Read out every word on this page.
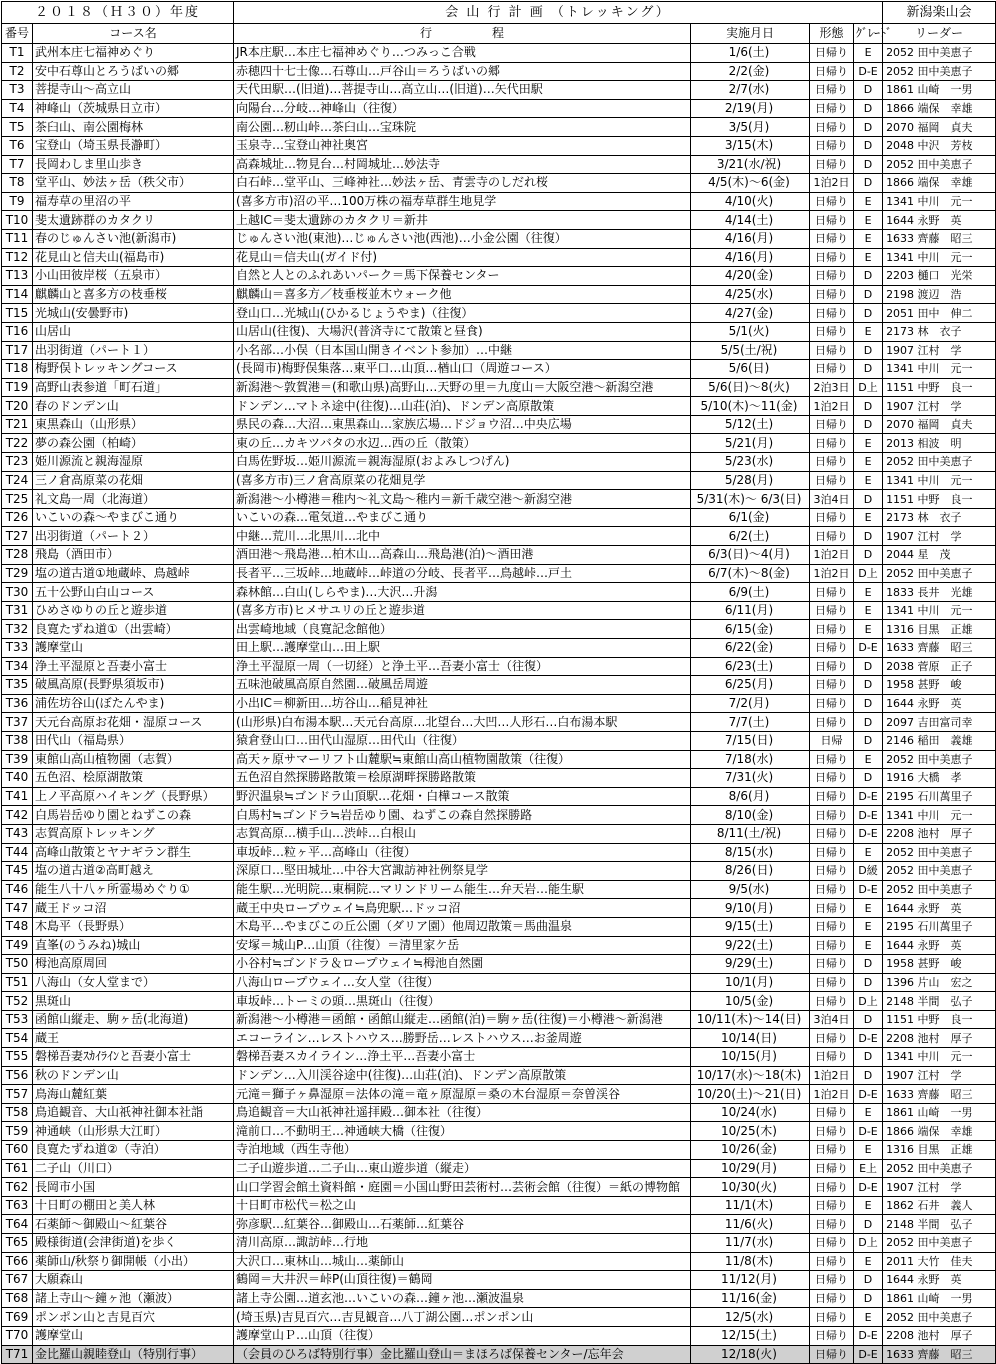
２０１８（Ｈ３０）年度		会 山 行 計 画 （トレッキング）				新潟楽山会
番号	コース名	行　　　　　程	実施月日	形態	ｸﾞﾚｰﾄﾞ	リーダー
T1	武州本庄七福神めぐり	JR本庄駅…本庄七福神めぐり…つみっこ合戦	1/6(土)	日帰り	E	2052 田中美恵子
T2	安中石尊山とろうばいの郷	赤穂四十七士像…石尊山…戸谷山＝ろうばいの郷	2/2(金)	日帰り	D-E	2052 田中美恵子
T3	菩提寺山～高立山	天代田駅…(旧道)…菩提寺山…高立山…(旧道)…矢代田駅	2/7(水)	日帰り	D	1861 山崎　一男
T4	神峰山（茨城県日立市）	向陽台…分岐…神峰山（往復）	2/19(月)	日帰り	D	1866 端保　幸雄
T5	茶臼山、南公園梅林	南公園…籾山峠…茶臼山…宝珠院	3/5(月)	日帰り	D	2070 福岡　貞夫
T6	宝登山（埼玉県長瀞町）	玉泉寺…宝登山神社奥宮	3/15(木)	日帰り	D	2048 中沢　芳枝
T7	長岡わしま里山歩き	高森城址…物見台…村岡城址…妙法寺	3/21(水/祝)	日帰り	D	2052 田中美恵子
T8	堂平山、妙法ヶ岳（秩父市）	白石峠…堂平山、三峰神社…妙法ヶ岳、青雲寺のしだれ桜	4/5(木)～6(金)	1泊2日	D	1866 端保　幸雄
T9	福寿草の里沼の平	(喜多方市)沼の平…100万株の福寿草群生地見学	4/10(火)	日帰り	E	1341 中川　元一
T10	斐太遺跡群のカタクリ	上越IC＝斐太遺跡のカタクリ＝新井	4/14(土)	日帰り	E	1644 永野　英
T11	春のじゅんさい池(新潟市)	じゅんさい池(東池)…じゅんさい池(西池)…小金公園（往復）	4/16(月)	日帰り	E	1633 齊藤　昭三
T12	花見山と信夫山(福島市)	花見山＝信夫山(ガイド付)	4/16(月)	日帰り	E	1341 中川　元一
T13	小山田彼岸桜（五泉市）	自然と人とのふれあいパーク＝馬下保養センター	4/20(金)	日帰り	D	2203 樋口　光栄
T14	麒麟山と喜多方の枝垂桜	麒麟山＝喜多方／枝垂桜並木ウォーク他	4/25(水)	日帰り	D	2198 渡辺　浩
T15	光城山(安曇野市)	登山口…光城山(ひかるじょうやま)（往復）	4/27(金)	日帰り	D	2051 田中　伸二
T16	山居山	山居山(往復)、大場沢(普済寺にて散策と昼食)	5/1(火)	日帰り	E	2173 林　衣子
T17	出羽街道（パート１）	小名部…小俣（日本国山開きイベント参加）…中継	5/5(土/祝)	日帰り	D	1907 江村　学
T18	梅野俣トレッキングコース	(長岡市)梅野俣集落…東平口…山頂…楢山口（周遊コース）	5/6(日)	日帰り	D	1341 中川　元一
T19	高野山表参道「町石道」	新潟港～敦賀港＝(和歌山県)高野山…天野の里＝九度山＝大阪空港～新潟空港	5/6(日)～8(火)	2泊3日	D上	1151 中野　良一
T20	春のドンデン山	ドンデン…マトネ途中(往復)…山荘(泊)、ドンデン高原散策	5/10(木)～11(金)	1泊2日	D	1907 江村　学
T21	東黒森山（山形県）	県民の森…大沼…東黒森山…家族広場…ドジョウ沼…中央広場	5/12(土)	日帰り	D	2070 福岡　貞夫
T22	夢の森公園（柏崎）	東の丘…カキツバタの水辺…西の丘（散策）	5/21(月)	日帰り	E	2013 相波　明
T23	姫川源流と親海湿原	白馬佐野坂…姫川源流＝親海湿原(およみしつげん)	5/23(水)	日帰り	E	2052 田中美恵子
T24	三ノ倉高原菜の花畑	(喜多方市)三ノ倉高原菜の花畑見学	5/28(月)	日帰り	E	1341 中川　元一
T25	礼文島一周（北海道）	新潟港～小樽港＝稚内～礼文島～稚内＝新千歳空港～新潟空港	5/31(木)～ 6/3(日)	3泊4日	D	1151 中野　良一
T26	いこいの森～やまびこ通り	いこいの森…電気道…やまびこ通り	6/1(金)	日帰り	E	2173 林　衣子
T27	出羽街道（パート２）	中継…荒川…北黒川…北中	6/2(土)	日帰り	D	1907 江村　学
T28	飛島（酒田市）	酒田港～飛島港…柏木山…高森山…飛島港(泊)～酒田港	6/3(日)～4(月)	1泊2日	D	2044 星　茂
T29	塩の道古道①地蔵峠、鳥越峠	長者平…三坂峠…地蔵峠…峠道の分岐、長者平…鳥越峠…戸土	6/7(木)～8(金)	1泊2日	D上	2052 田中美恵子
T30	五十公野山白山コース	森林館…白山(しらやま)…大沢…升潟	6/9(土)	日帰り	E	1833 長井　光雄
T31	ひめさゆりの丘と遊歩道	(喜多方市)ヒメサユリの丘と遊歩道	6/11(月)	日帰り	E	1341 中川　元一
T32	良寛たずね道①（出雲崎）	出雲崎地域（良寛記念館他）	6/15(金)	日帰り	E	1316 目黒　正雄
T33	護摩堂山	田上駅…護摩堂山…田上駅	6/22(金)	日帰り	D-E	1633 齊藤　昭三
T34	浄土平湿原と吾妻小富士	浄土平湿原一周（一切経）と浄土平…吾妻小富士（往復）	6/23(土)	日帰り	D	2038 菅原　正子
T35	破風高原(長野県須坂市)	五味池破風高原自然園…破風岳周遊	6/25(月)	日帰り	D	1958 甚野　峻
T36	浦佐坊谷山(ぼたんやま)	小出IC＝柳新田…坊谷山…稲見神社	7/2(月)	日帰り	D	1644 永野　英
T37	天元台高原お花畑・湿原コース	(山形県)白布湯本駅…天元台高原…北望台…大凹…人形石…白布湯本駅	7/7(土)	日帰り	D	2097 吉田富司幸
T38	田代山（福島県）	猿倉登山口…田代山湿原…田代山（往復）	7/15(日)	日帰	D	2146 稲田　義雄
T39	東館山高山植物園（志賀）	高天ヶ原サマーリフト山麓駅≒東館山高山植物園散策（往復）	7/18(水)	日帰り	E	2052 田中美恵子
T40	五色沼、桧原湖散策	五色沼自然探勝路散策＝桧原湖畔探勝路散策	7/31(火)	日帰り	D	1916 大橋　孝
T41	上ノ平高原ハイキング（長野県）	野沢温泉≒ゴンドラ山頂駅…花畑・白樺コース散策	8/6(月)	日帰り	D-E	2195 石川萬里子
T42	白馬岩岳ゆり園とねずこの森	白馬村≒ゴンドラ≒岩岳ゆり園、ねずこの森自然探勝路	8/10(金)	日帰り	D-E	1341 中川　元一
T43	志賀高原トレッキング	志賀高原…横手山…渋峠…白根山	8/11(土/祝)	日帰り	D-E	2208 池村　厚子
T44	高峰山散策とヤナギラン群生	車坂峠…粒ヶ平…高峰山（往復）	8/15(水)	日帰り	E	2052 田中美恵子
T45	塩の道古道②高町越え	深原口…堅田城址…中谷大宮諏訪神社例祭見学	8/26(日)	日帰り	D緩	2052 田中美恵子
T46	能生八十八ヶ所霊場めぐり①	能生駅…光明院…東桐院…マリンドリーム能生…弁天岩…能生駅	9/5(水)	日帰り	D-E	2052 田中美恵子
T47	蔵王ドッコ沼	蔵王中央ロープウェイ≒鳥兜駅…ドッコ沼	9/10(月)	日帰り	E	1644 永野　英
T48	木島平（長野県）	木島平…やまびこの丘公園（ダリア園）他周辺散策＝馬曲温泉	9/15(土)	日帰り	E	2195 石川萬里子
T49	直峯(のうみね)城山	安塚＝城山P…山頂（往復）＝清里家ケ岳	9/22(土)	日帰り	E	1644 永野　英
T50	栂池高原周回	小谷村≒ゴンドラ＆ロープウェイ≒栂池自然園	9/29(土)	日帰り	D	1958 甚野　峻
T51	八海山（女人堂まで）	八海山ロープウェイ…女人堂（往復）	10/1(月)	日帰り	D	1396 片山　宏之
T52	黒斑山	車坂峠…トーミの頭…黒斑山（往復）	10/5(金)	日帰り	D上	2148 半間　弘子
T53	函館山縦走、駒ヶ岳(北海道)	新潟港～小樽港＝函館・函館山縦走…函館(泊)＝駒ヶ岳(往復)＝小樽港～新潟港	10/11(木)～14(日)	3泊4日	D	1151 中野　良一
T54	蔵王	エコーライン…レストハウス…勝野岳…レストハウス…お釜周遊	10/14(日)	日帰り	D-E	2208 池村　厚子
T55	磐梯吾妻ｽｶｲﾗｲﾝと吾妻小富士	磐梯吾妻スカイライン…浄土平…吾妻小富士	10/15(月)	日帰り	D	1341 中川　元一
T56	秋のドンデン山	ドンデン…入川渓谷途中(往復)…山荘(泊)、ドンデン高原散策	10/17(水)～18(木)	1泊2日	D	1907 江村　学
T57	鳥海山麓紅葉	元滝＝獅子ヶ鼻湿原＝法体の滝＝竜ヶ原湿原＝桑の木台湿原＝奈曽渓谷	10/20(土)～21(日)	1泊2日	D-E	1633 齊藤　昭三
T58	鳥追観音、大山祇神社御本社詣	鳥追観音＝大山祇神社遥拝殿…御本社（往復）	10/24(水)	日帰り	E	1861 山崎　一男
T59	神通峡（山形県大江町）	滝前口…不動明王…神通峡大橋（往復）	10/25(木)	日帰り	D-E	1866 端保　幸雄
T60	良寛たずね道②（寺泊）	寺泊地域（西生寺他）	10/26(金)	日帰り	E	1316 目黒　正雄
T61	二子山（川口）	二子山遊歩道…二子山…東山遊歩道（縦走）	10/29(月)	日帰り	E上	2052 田中美恵子
T62	長岡市小国	山口学習会館土資料館・庭園＝小国山野田芸術村…芸術会館（往復）＝紙の博物館	10/30(火)	日帰り	D-E	1907 江村　学
T63	十日町の棚田と美人林	十日町市松代＝松之山	11/1(木)	日帰り	E	1862 石井　義人
T64	石薬師～御殿山～紅葉谷	弥彦駅…紅葉谷…御殿山…石薬師…紅葉谷	11/6(火)	日帰り	D	2148 半間　弘子
T65	殿様街道(会津街道)を歩く	清川高原…諏訪峠…行地	11/7(水)	日帰り	D上	2052 田中美恵子
T66	薬師山/秋祭り御開帳（小出）	大沢口…東林山…城山…薬師山	11/8(木)	日帰り	E	2011 大竹　佳夫
T67	大願森山	鶴岡＝大井沢＝峠P(山頂往復)＝鶴岡	11/12(月)	日帰り	D	1644 永野　英
T68	諸上寺山～鐘ヶ池（瀬波）	諸上寺公園…道玄池…いこいの森…鐘ヶ池…瀬波温泉	11/16(金)	日帰り	D	1861 山崎　一男
T69	ポンポン山と吉見百穴	(埼玉県)吉見百穴…吉見観音…八丁湖公園…ポンポン山	12/5(水)	日帰り	E	2052 田中美恵子
T70	護摩堂山	護摩堂山Ｐ…山頂（往復）	12/15(土)	日帰り	D-E	2208 池村　厚子
T71	金比羅山親睦登山（特別行事）	（会員のひろば特別行事）金比羅山登山＝まほろば保養センター/忘年会	12/18(火)	日帰り	D-E	1633 齊藤　昭三
